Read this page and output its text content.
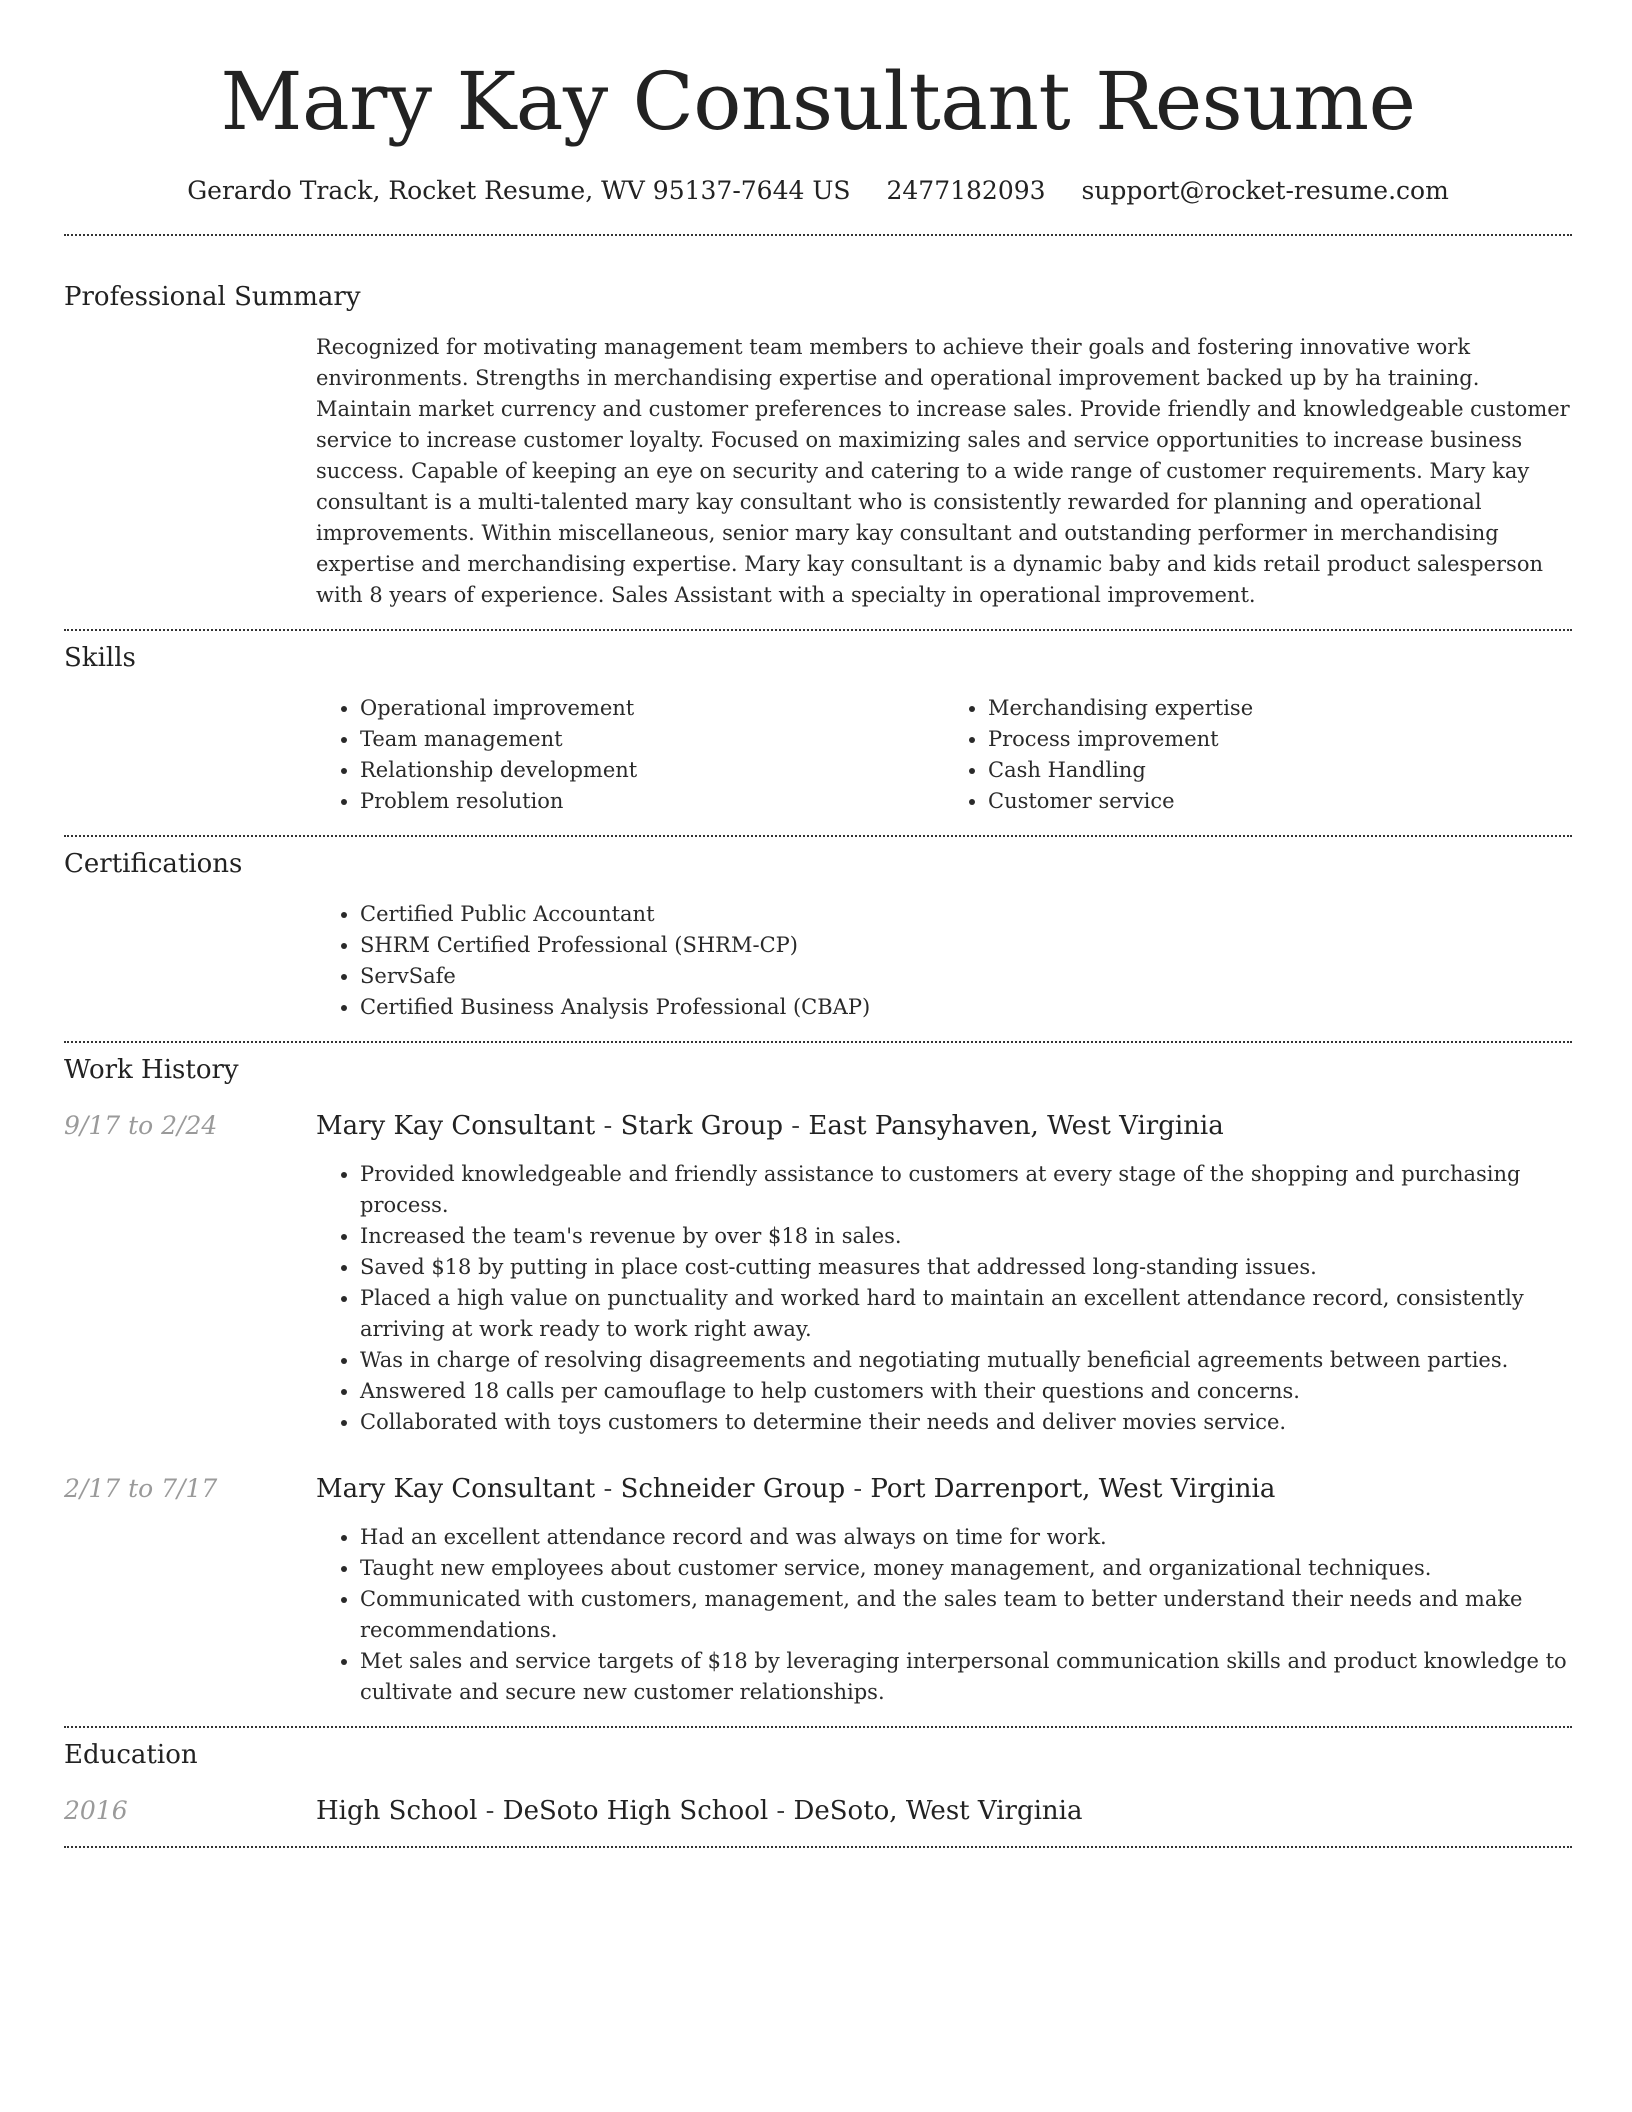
Mary Kay Consultant Resume
Gerardo Track, Rocket Resume, WV 95137-7644 US 2477182093 support@rocket-resume.com
Professional Summary

Recognized for motivating management team members to achieve their goals and fostering innovative work environments. Strengths in merchandising expertise and operational improvement backed up by ha training. Maintain market currency and customer preferences to increase sales. Provide friendly and knowledgeable customer service to increase customer loyalty. Focused on maximizing sales and service opportunities to increase business success. Capable of keeping an eye on security and catering to a wide range of customer requirements. Mary kay consultant is a multi-talented mary kay consultant who is consistently rewarded for planning and operational improvements. Within miscellaneous, senior mary kay consultant and outstanding performer in merchandising expertise and merchandising expertise. Mary kay consultant is a dynamic baby and kids retail product salesperson with 8 years of experience. Sales Assistant with a specialty in operational improvement.

Skills
• Operational improvement
• Team management
• Relationship development
• Problem resolution
• Merchandising expertise
• Process improvement
• Cash Handling
• Customer service
Certifications
• Certified Public Accountant
• SHRM Certified Professional (SHRM-CP)
• ServSafe
• Certified Business Analysis Professional (CBAP)
Work History
9/17 to 2/24	Mary Kay Consultant - Stark Group - East Pansyhaven, West Virginia
• Provided knowledgeable and friendly assistance to customers at every stage of the shopping and purchasing process.
• Increased the team's revenue by over $18 in sales.
• Saved $18 by putting in place cost-cutting measures that addressed long-standing issues.
• Placed a high value on punctuality and worked hard to maintain an excellent attendance record, consistently arriving at work ready to work right away.
• Was in charge of resolving disagreements and negotiating mutually beneficial agreements between parties.
• Answered 18 calls per camouflage to help customers with their questions and concerns.
• Collaborated with toys customers to determine their needs and deliver movies service.
2/17 to 7/17	Mary Kay Consultant - Schneider Group - Port Darrenport, West Virginia
• Had an excellent attendance record and was always on time for work.
• Taught new employees about customer service, money management, and organizational techniques.
• Communicated with customers, management, and the sales team to better understand their needs and make recommendations.
• Met sales and service targets of $18 by leveraging interpersonal communication skills and product knowledge to cultivate and secure new customer relationships.
Education
2016	High School - DeSoto High School - DeSoto, West Virginia
